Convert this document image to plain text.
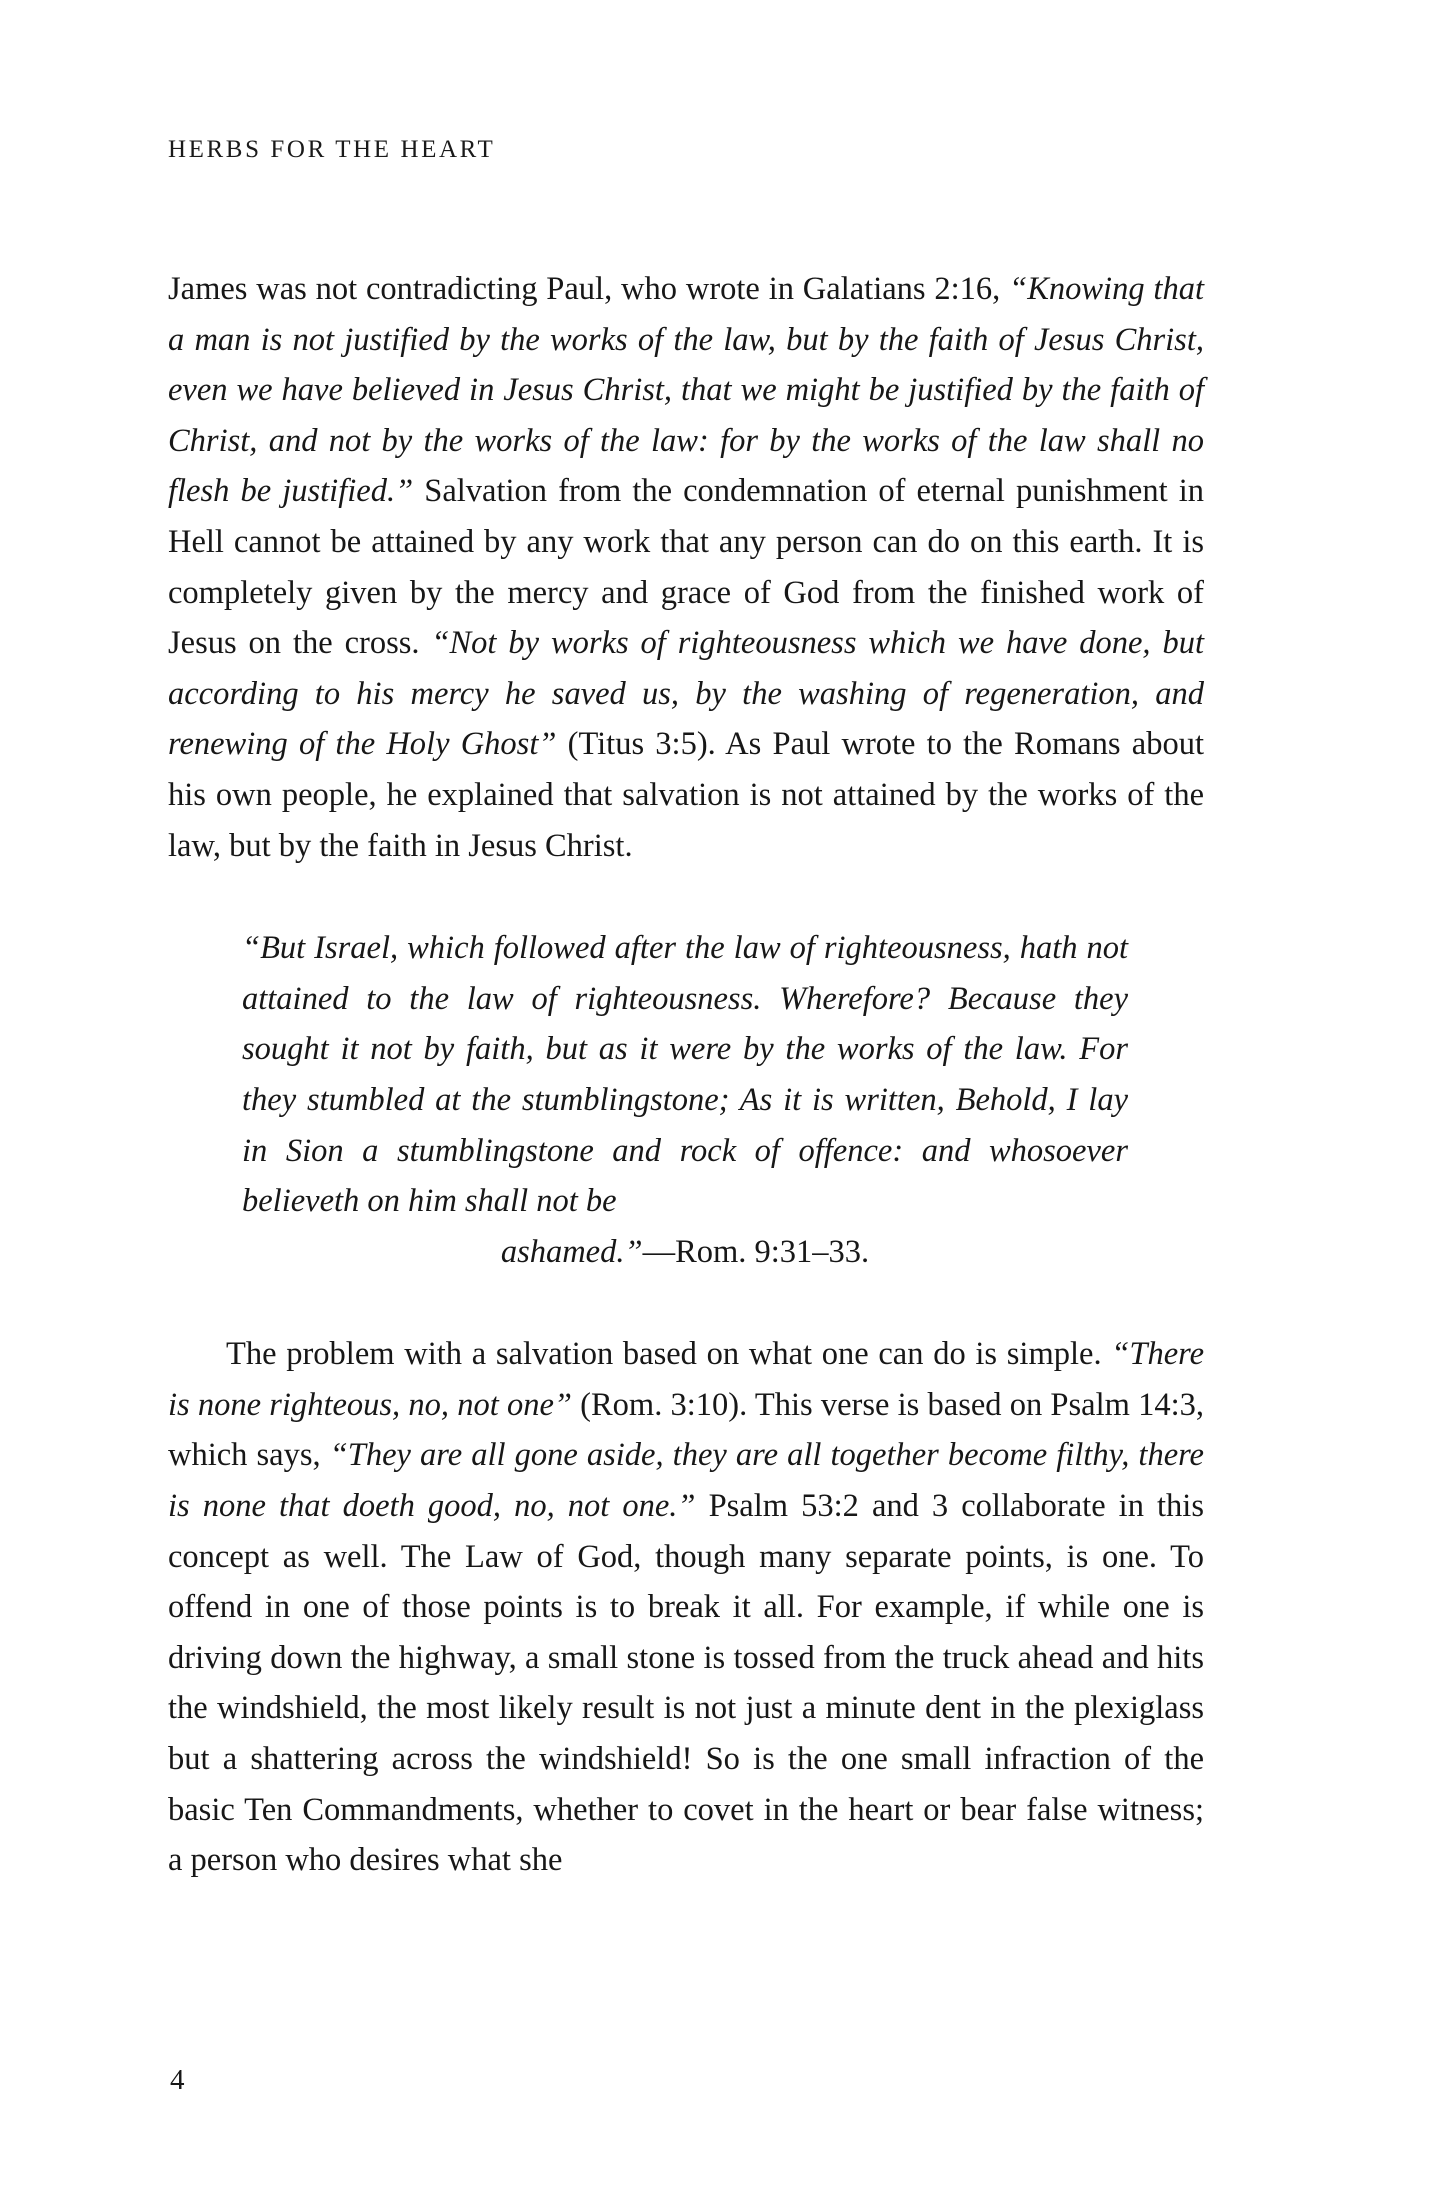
HERBS FOR THE HEART

James was not contradicting Paul, who wrote in Galatians 2:16, “Knowing that a man is not justified by the works of the law, but by the faith of Jesus Christ, even we have believed in Jesus Christ, that we might be justified by the faith of Christ, and not by the works of the law: for by the works of the law shall no flesh be justified.” Salvation from the condemnation of eternal punishment in Hell cannot be attained by any work that any person can do on this earth. It is completely given by the mercy and grace of God from the finished work of Jesus on the cross. “Not by works of righteousness which we have done, but according to his mercy he saved us, by the washing of regeneration, and renewing of the Holy Ghost” (Titus 3:5). As Paul wrote to the Romans about his own people, he explained that salvation is not attained by the works of the law, but by the faith in Jesus Christ.

“But Israel, which followed after the law of righteousness, hath not attained to the law of righteousness. Wherefore? Because they sought it not by faith, but as it were by the works of the law. For they stumbled at the stumblingstone; As it is written, Behold, I lay in Sion a stumblingstone and rock of offence: and whosoever believeth on him shall not be
ashamed.”—Rom. 9:31–33.

The problem with a salvation based on what one can do is simple. “There is none righteous, no, not one” (Rom. 3:10). This verse is based on Psalm 14:3, which says, “They are all gone aside, they are all together become filthy, there is none that doeth good, no, not one.” Psalm 53:2 and 3 collaborate in this concept as well. The Law of God, though many separate points, is one. To offend in one of those points is to break it all. For example, if while one is driving down the highway, a small stone is tossed from the truck ahead and hits the windshield, the most likely result is not just a minute dent in the plexiglass but a shattering across the windshield! So is the one small infraction of the basic Ten Commandments, whether to covet in the heart or bear false witness; a person who desires what she

4
